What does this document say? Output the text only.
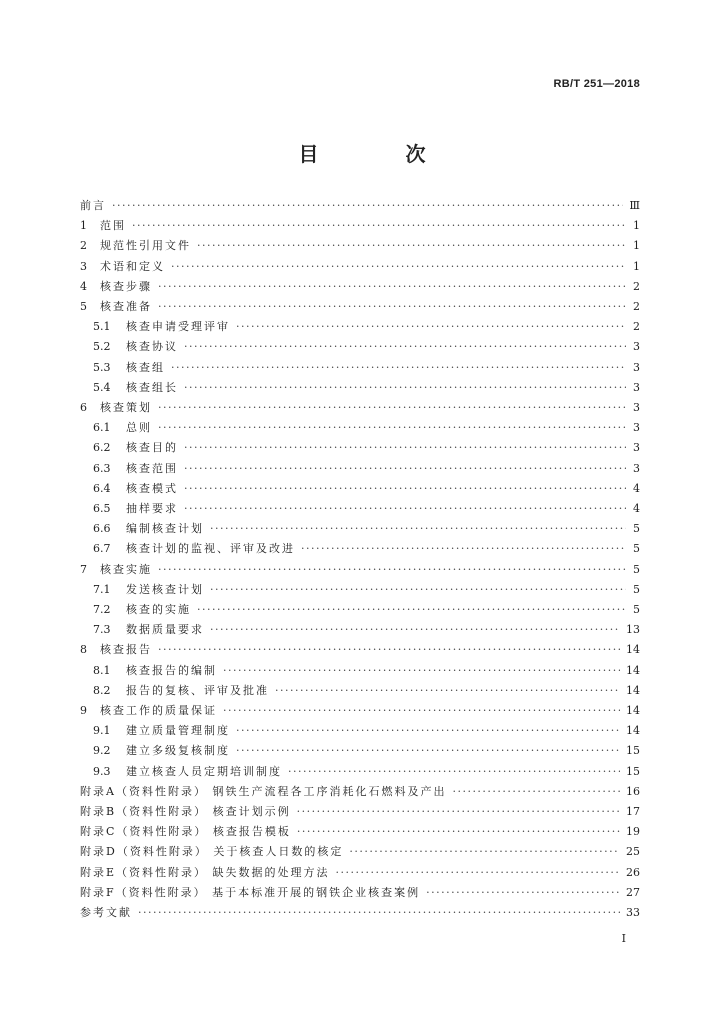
RB/T 251—2018
目 次
前言 ·····	Ⅲ
1	范围 ·····	1
2	规范性引用文件 ·····	1
3	术语和定义 ·····	1
4	核查步骤 ·····	2
5	核查准备 ·····	2
5.1	核查申请受理评审 ·····	2
5.2	核查协议 ·····	3
5.3	核查组 ·····	3
5.4	核查组长 ·····	3
6	核查策划 ·····	3
6.1	总则 ·····	3
6.2	核查目的 ·····	3
6.3	核查范围 ·····	3
6.4	核查模式 ·····	4
6.5	抽样要求 ·····	4
6.6	编制核查计划 ·····	5
6.7	核查计划的监视、评审及改进 ·····	5
7	核查实施 ·····	5
7.1	发送核查计划 ·····	5
7.2	核查的实施 ·····	5
7.3	数据质量要求 ·····	13
8	核查报告 ·····	14
8.1	核查报告的编制 ·····	14
8.2	报告的复核、评审及批准 ·····	14
9	核查工作的质量保证 ·····	14
9.1	建立质量管理制度 ·····	14
9.2	建立多级复核制度 ·····	15
9.3	建立核查人员定期培训制度 ·····	15
附录A（资料性附录） 钢铁生产流程各工序消耗化石燃料及产出 ·····	16
附录B（资料性附录） 核查计划示例 ·····	17
附录C（资料性附录） 核查报告模板 ·····	19
附录D（资料性附录） 关于核查人日数的核定 ·····	25
附录E（资料性附录） 缺失数据的处理方法 ·····	26
附录F（资料性附录） 基于本标准开展的钢铁企业核查案例 ·····	27
参考文献 ·····	33
I
